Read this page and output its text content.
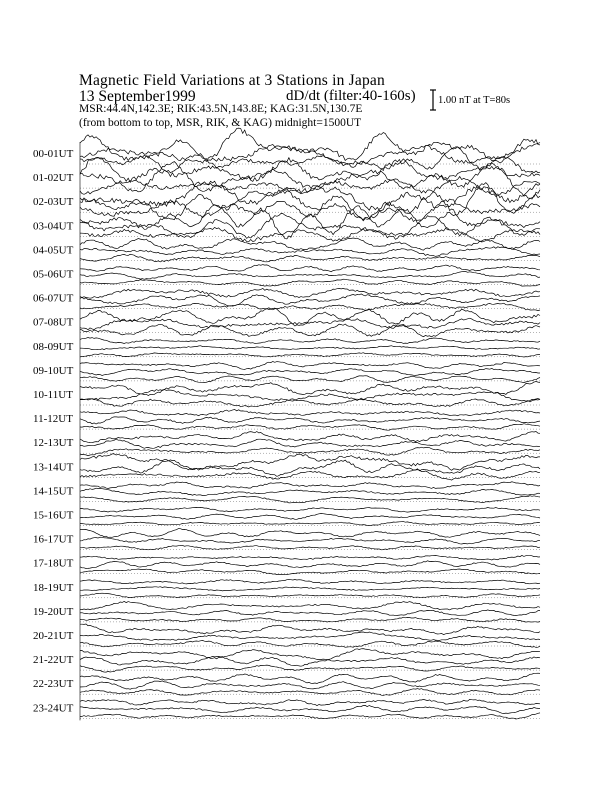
Magnetic Field Variations at 3 Stations in Japan
13 September1999	dD/dt (filter:40-160s)
MSR:44.4N,142.3E; RIK:43.5N,143.8E; KAG:31.5N,130.7E
(from bottom to top, MSR, RIK, & KAG) midnight=1500UT
1.00 nT at T=80s
00-01UT
01-02UT
02-03UT
03-04UT
04-05UT
05-06UT
06-07UT
07-08UT
08-09UT
09-10UT
10-11UT
11-12UT
12-13UT
13-14UT
14-15UT
15-16UT
16-17UT
17-18UT
18-19UT
19-20UT
20-21UT
21-22UT
22-23UT
23-24UT
